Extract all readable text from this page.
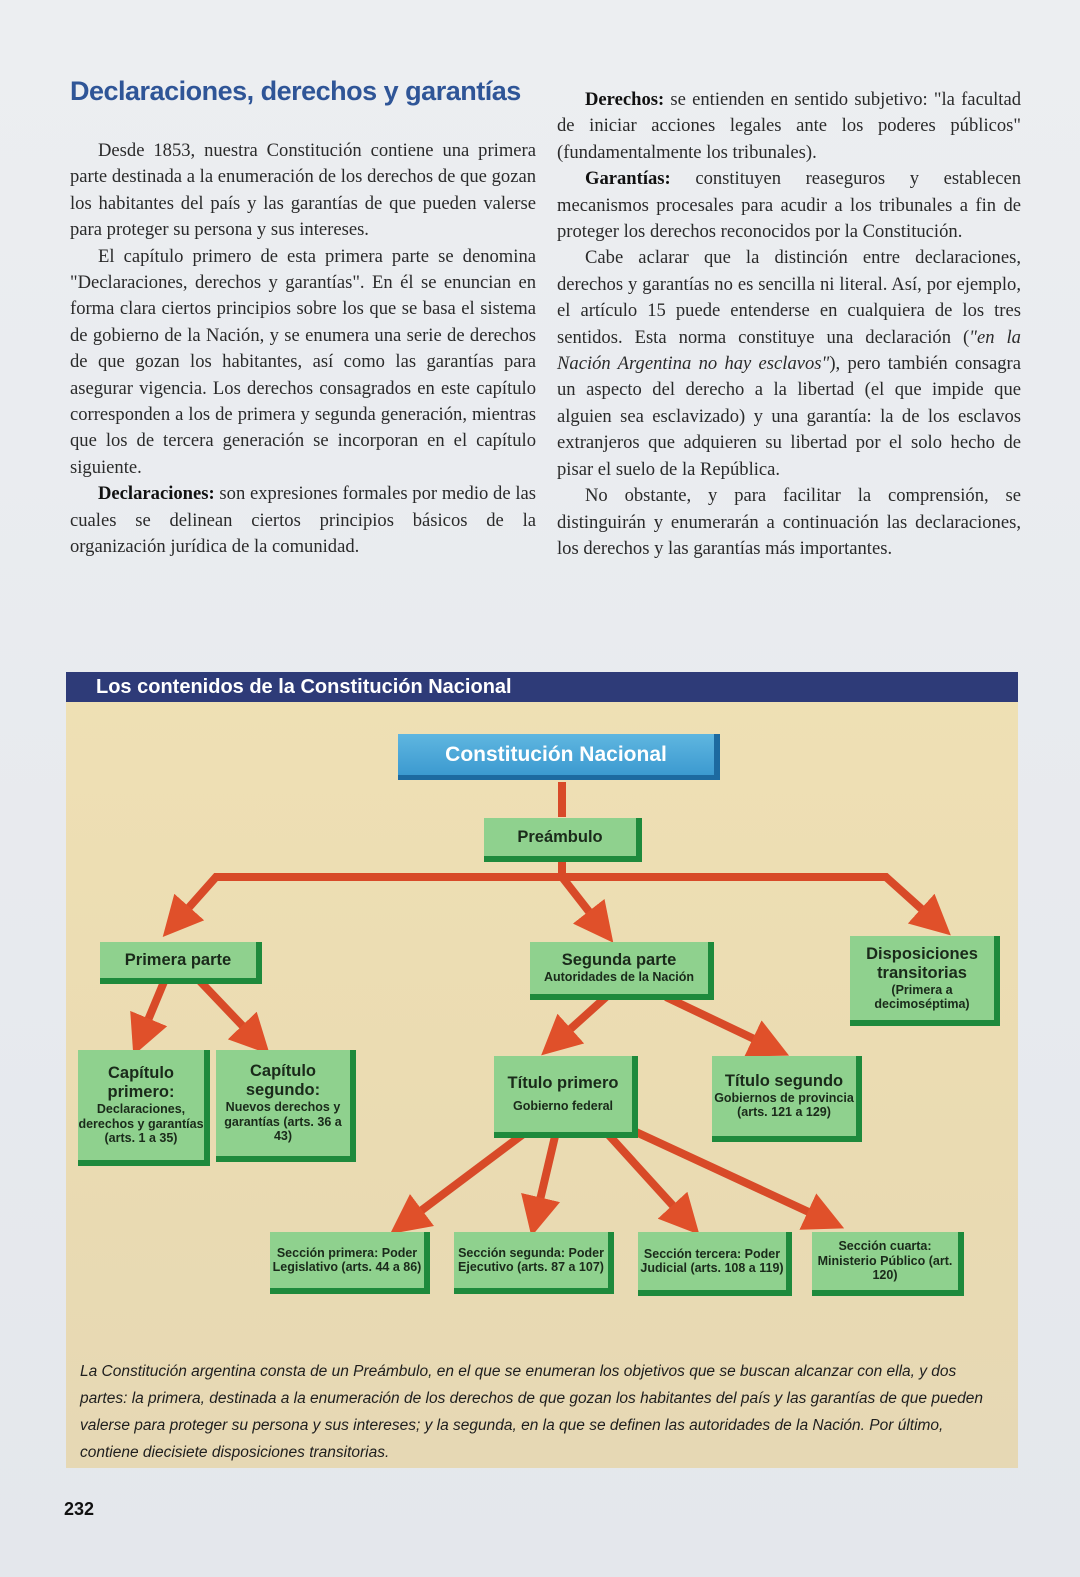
Declaraciones, derechos y garantías

Desde 1853, nuestra Constitución contiene una primera parte destinada a la enumeración de los derechos de que gozan los habitantes del país y las garantías de que pueden valerse para proteger su persona y sus intereses.

El capítulo primero de esta primera parte se denomina "Declaraciones, derechos y garantías". En él se enuncian en forma clara ciertos principios sobre los que se basa el sistema de gobierno de la Nación, y se enumera una serie de derechos de que gozan los habitantes, así como las garantías para asegurar vigencia. Los derechos consagrados en este capítulo corresponden a los de primera y segunda generación, mientras que los de tercera generación se incorporan en el capítulo siguiente.

Declaraciones: son expresiones formales por medio de las cuales se delinean ciertos principios básicos de la organización jurídica de la comunidad.

Derechos: se entienden en sentido subjetivo: "la facultad de iniciar acciones legales ante los poderes públicos" (fundamentalmente los tribunales).

Garantías: constituyen reaseguros y establecen mecanismos procesales para acudir a los tribunales a fin de proteger los derechos reconocidos por la Constitución.

Cabe aclarar que la distinción entre declaraciones, derechos y garantías no es sencilla ni literal. Así, por ejemplo, el artículo 15 puede entenderse en cualquiera de los tres sentidos. Esta norma constituye una declaración ("en la Nación Argentina no hay esclavos"), pero también consagra un aspecto del derecho a la libertad (el que impide que alguien sea esclavizado) y una garantía: la de los esclavos extranjeros que adquieren su libertad por el solo hecho de pisar el suelo de la República.

No obstante, y para facilitar la comprensión, se distinguirán y enumerarán a continuación las declaraciones, los derechos y las garantías más importantes.

Los contenidos de la Constitución Nacional
Constitución Nacional
Preámbulo
Primera parte	Segunda parte
Autoridades de la Nación
Disposiciones transitorias
(Primera a decimoséptima)
Capítulo primero:
Declaraciones, derechos y garantías (arts. 1 a 35)
Capítulo segundo:
Nuevos derechos y garantías (arts. 36 a 43)
Título primero
Gobierno federal
Título segundo
Gobiernos de provincia (arts. 121 a 129)
Sección primera: Poder Legislativo (arts. 44 a 86)
Sección segunda: Poder Ejecutivo (arts. 87 a 107)
Sección tercera: Poder Judicial (arts. 108 a 119)
Sección cuarta: Ministerio Público (art. 120)
La Constitución argentina consta de un Preámbulo, en el que se enumeran los objetivos que se buscan alcanzar con ella, y dos partes: la primera, destinada a la enumeración de los derechos de que gozan los habitantes del país y las garantías de que pueden valerse para proteger su persona y sus intereses; y la segunda, en la que se definen las autoridades de la Nación. Por último, contiene diecisiete disposiciones transitorias.
232
